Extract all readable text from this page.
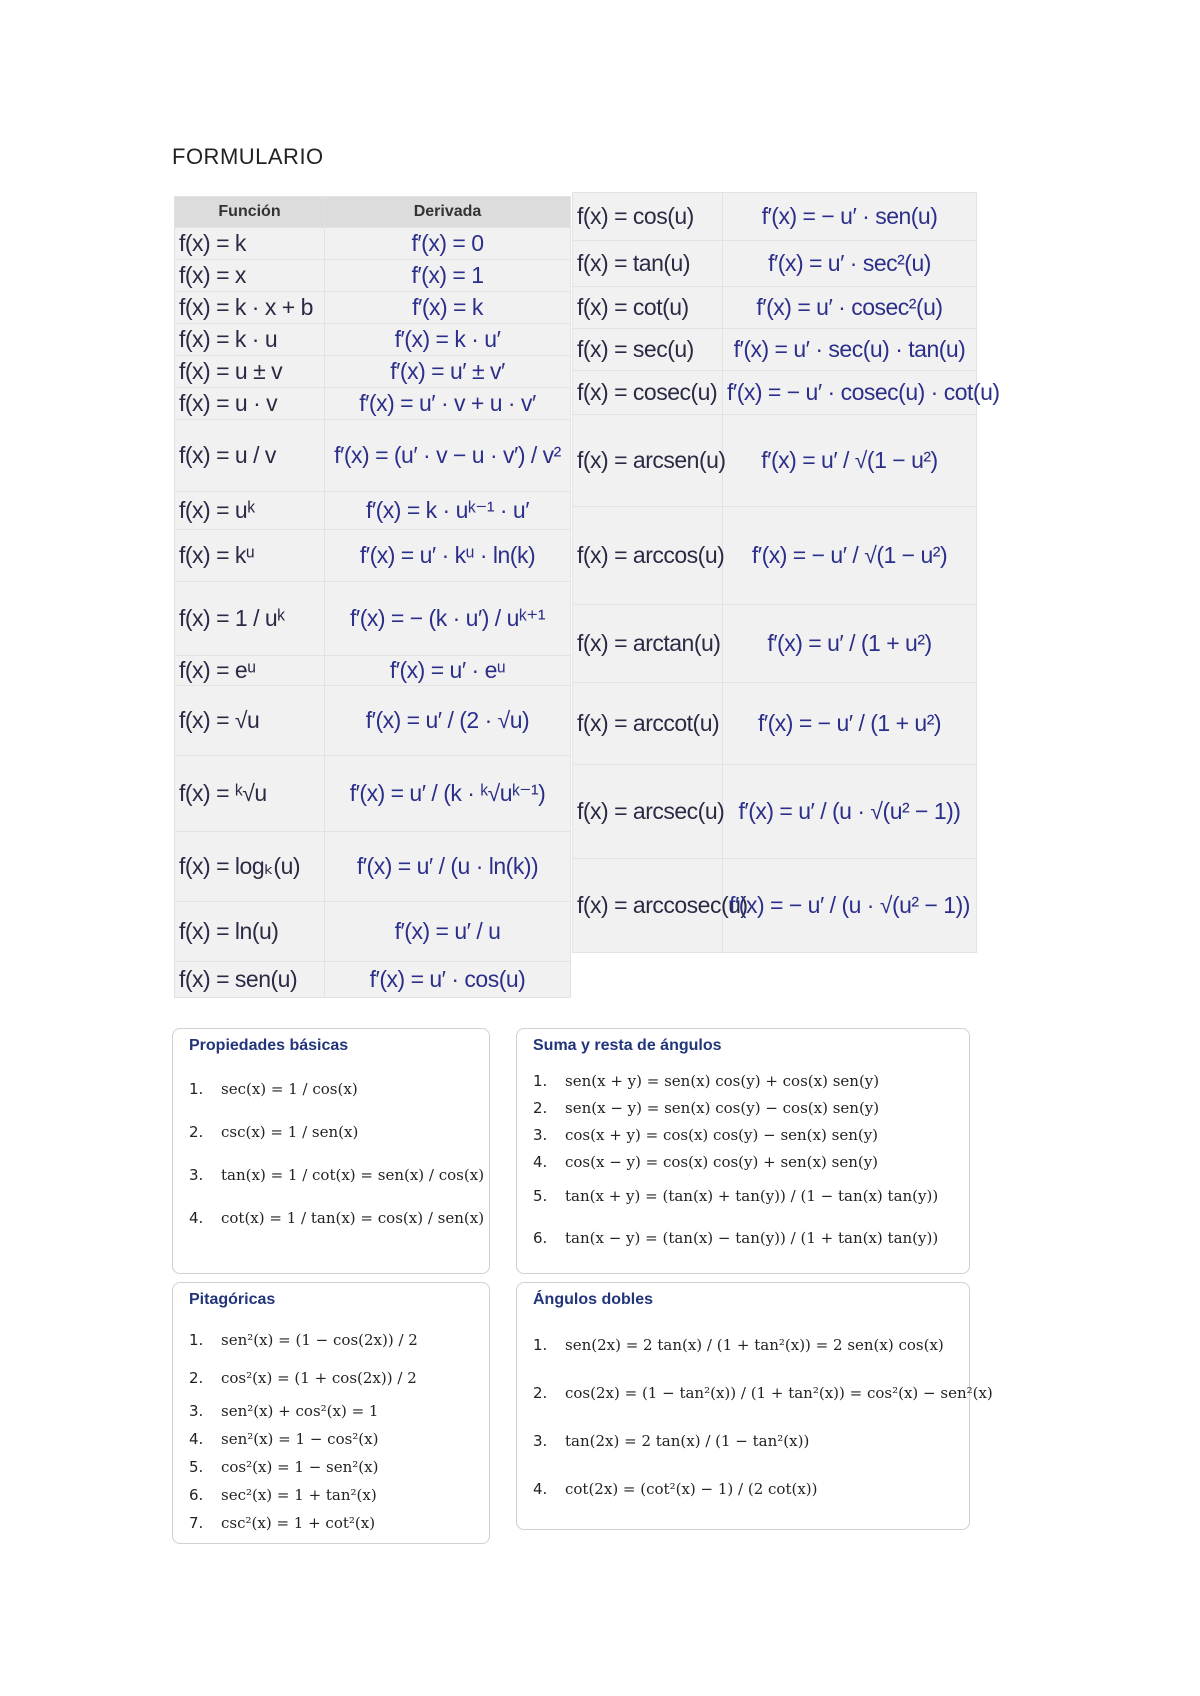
FORMULARIO
Función	Derivada
f(x) = k	f′(x) = 0
f(x) = x	f′(x) = 1
f(x) = k · x + b	f′(x) = k
f(x) = k · u	f′(x) = k · u′
f(x) = u ± v	f′(x) = u′ ± v′
f(x) = u · v	f′(x) = u′ · v + u · v′
f(x) = u / v	f′(x) = (u′ · v − u · v′) / v²
f(x) = uᵏ	f′(x) = k · uᵏ⁻¹ · u′
f(x) = kᵘ	f′(x) = u′ · kᵘ · ln(k)
f(x) = 1 / uᵏ	f′(x) = − (k · u′) / uᵏ⁺¹
f(x) = eᵘ	f′(x) = u′ · eᵘ
f(x) = √u	f′(x) = u′ / (2 · √u)
f(x) = ᵏ√u	f′(x) = u′ / (k · ᵏ√uᵏ⁻¹)
f(x) = logₖ(u)	f′(x) = u′ / (u · ln(k))
f(x) = ln(u)	f′(x) = u′ / u
f(x) = sen(u)	f′(x) = u′ · cos(u)
f(x) = cos(u)	f′(x) = − u′ · sen(u)
f(x) = tan(u)	f′(x) = u′ · sec²(u)
f(x) = cot(u)	f′(x) = u′ · cosec²(u)
f(x) = sec(u)	f′(x) = u′ · sec(u) · tan(u)
f(x) = cosec(u)	f′(x) = − u′ · cosec(u) · cot(u)
f(x) = arcsen(u)	f′(x) = u′ / √(1 − u²)
f(x) = arccos(u)	f′(x) = − u′ / √(1 − u²)
f(x) = arctan(u)	f′(x) = u′ / (1 + u²)
f(x) = arccot(u)	f′(x) = − u′ / (1 + u²)
f(x) = arcsec(u)	f′(x) = u′ / (u · √(u² − 1))
f(x) = arccosec(u)	f′(x) = − u′ / (u · √(u² − 1))
Propiedades básicas
1.	sec(x) = 1 / cos(x)
2.	csc(x) = 1 / sen(x)
3.	tan(x) = 1 / cot(x) = sen(x) / cos(x)
4.	cot(x) = 1 / tan(x) = cos(x) / sen(x)
Suma y resta de ángulos
1.	sen(x + y) = sen(x) cos(y) + cos(x) sen(y)
2.	sen(x − y) = sen(x) cos(y) − cos(x) sen(y)
3.	cos(x + y) = cos(x) cos(y) − sen(x) sen(y)
4.	cos(x − y) = cos(x) cos(y) + sen(x) sen(y)
5.	tan(x + y) = (tan(x) + tan(y)) / (1 − tan(x) tan(y))
6.	tan(x − y) = (tan(x) − tan(y)) / (1 + tan(x) tan(y))
Pitagóricas
1.	sen²(x) = (1 − cos(2x)) / 2
2.	cos²(x) = (1 + cos(2x)) / 2
3.	sen²(x) + cos²(x) = 1
4.	sen²(x) = 1 − cos²(x)
5.	cos²(x) = 1 − sen²(x)
6.	sec²(x) = 1 + tan²(x)
7.	csc²(x) = 1 + cot²(x)
Ángulos dobles
1.	sen(2x) = 2 tan(x) / (1 + tan²(x)) = 2 sen(x) cos(x)
2.	cos(2x) = (1 − tan²(x)) / (1 + tan²(x)) = cos²(x) − sen²(x)
3.	tan(2x) = 2 tan(x) / (1 − tan²(x))
4.	cot(2x) = (cot²(x) − 1) / (2 cot(x))
